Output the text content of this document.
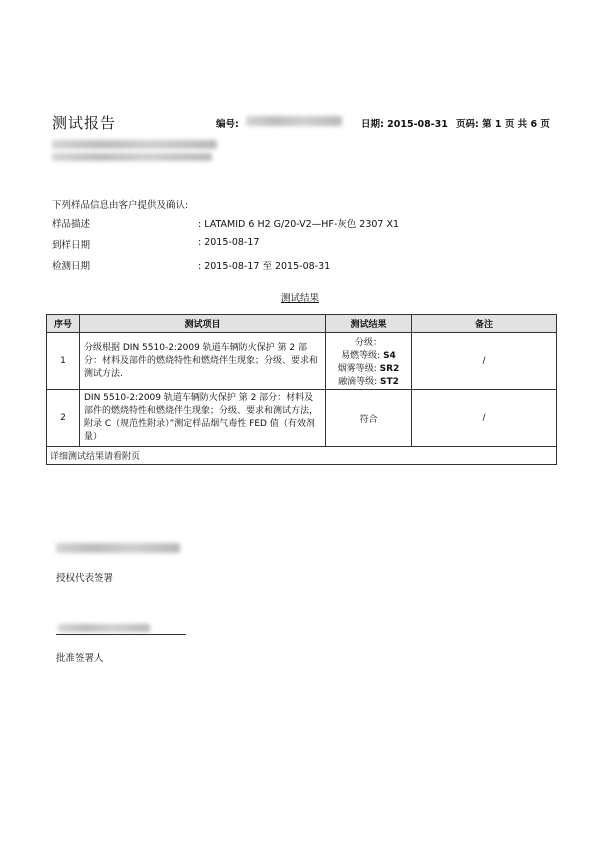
测试报告	编号:	日期: 2015-08-31 页码: 第 1 页 共 6 页
下列样品信息由客户提供及确认:
样品描述	: LATAMID 6 H2 G/20-V2—HF-灰色 2307 X1
到样日期	: 2015-08-17
检测日期	: 2015-08-17 至 2015-08-31
测试结果
序号	测试项目	测试结果	备注
1	分级根据 DIN 5510-2:2009 轨道车辆防火保护 第 2 部分：材料及部件的燃烧特性和燃烧伴生现象；分级、要求和测试方法.	分级：
易燃等级: S4
烟雾等级: SR2
融滴等级: ST2	/
2	DIN 5510-2:2009 轨道车辆防火保护 第 2 部分：材料及部件的燃烧特性和燃烧伴生现象；分级、要求和测试方法，附录 C（规范性附录）”测定样品烟气毒性 FED 值（有效剂量）	符合	/
详细测试结果请看附页			
授权代表签署
批准签署人
